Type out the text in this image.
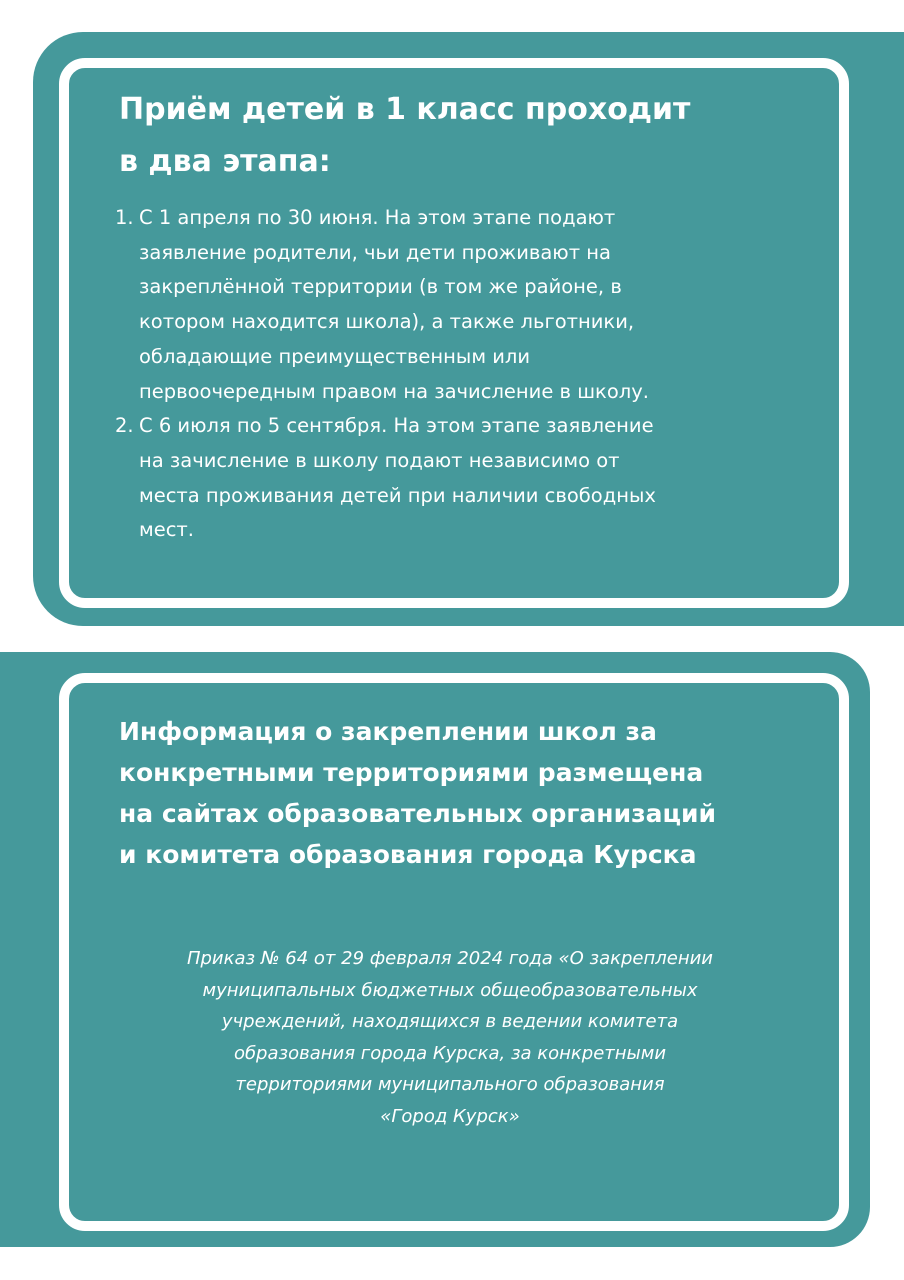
Приём детей в 1 класс проходит
в два этапа:
1. С 1 апреля по 30 июня. На этом этапе подают
заявление родители, чьи дети проживают на
закреплённой территории (в том же районе, в
котором находится школа), а также льготники,
обладающие преимущественным или
первоочередным правом на зачисление в школу.
2. С 6 июля по 5 сентября. На этом этапе заявление
на зачисление в школу подают независимо от
места проживания детей при наличии свободных
мест.
Информация о закреплении школ за
конкретными территориями размещена
на сайтах образовательных организаций
и комитета образования города Курска

Приказ № 64 от 29 февраля 2024 года «О закреплении
муниципальных бюджетных общеобразовательных
учреждений, находящихся в ведении комитета
образования города Курска, за конкретными
территориями муниципального образования
«Город Курск»
